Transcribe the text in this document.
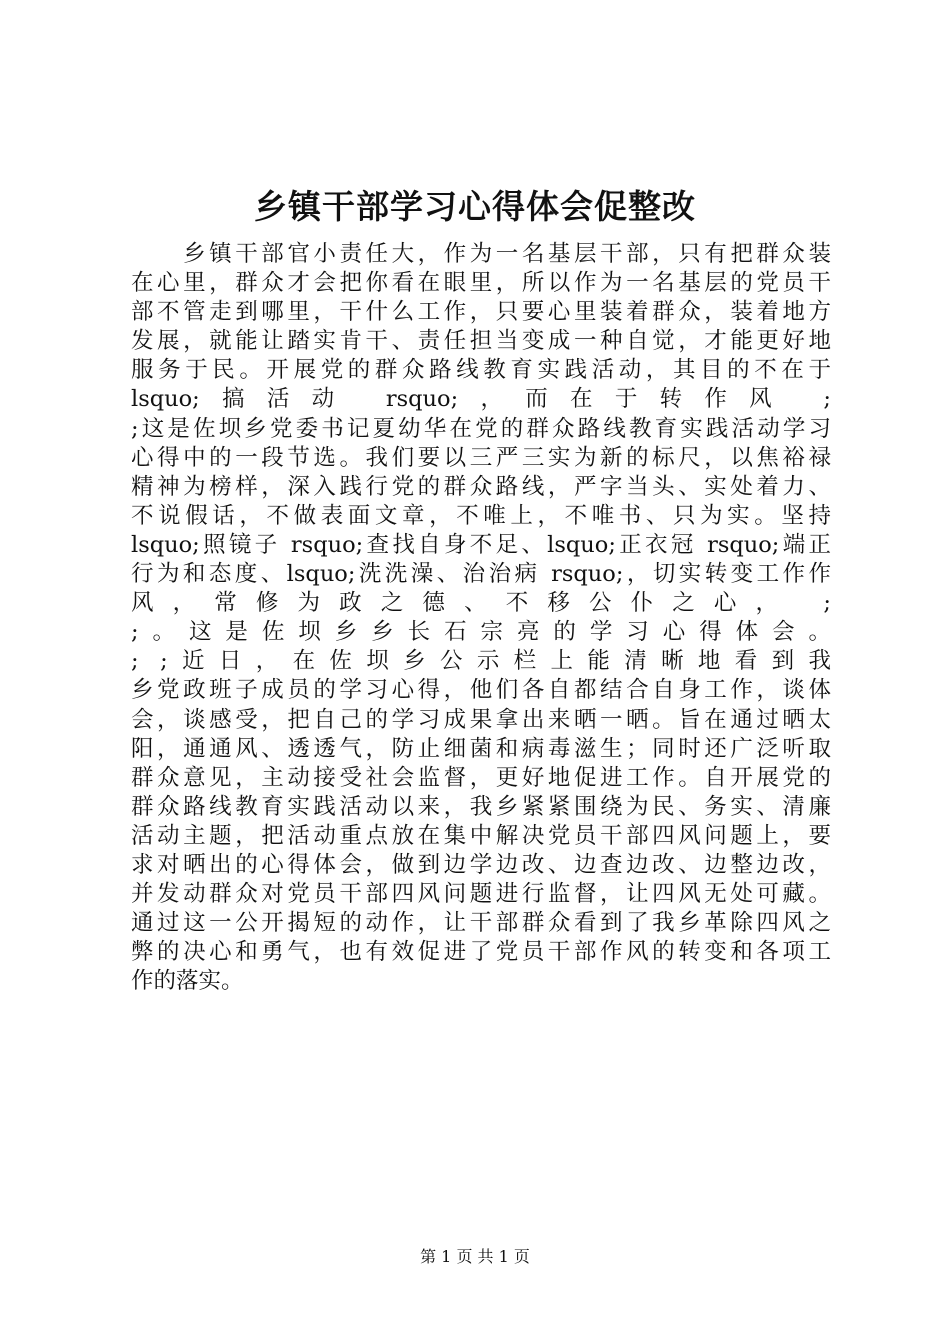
乡镇干部学习心得体会促整改
　　乡镇干部官小责任大，作为一名基层干部，只有把群众装
在心里，群众才会把你看在眼里，所以作为一名基层的党员干
部不管走到哪里，干什么工作，只要心里装着群众，装着地方
发展，就能让踏实肯干、责任担当变成一种自觉，才能更好地
服务于民。开展党的群众路线教育实践活动，其目的不在于
lsquo;搞活动 rsquo;，而在于转作风 ;
;这是佐坝乡党委书记夏幼华在党的群众路线教育实践活动学习
心得中的一段节选。我们要以三严三实为新的标尺，以焦裕禄
精神为榜样，深入践行党的群众路线，严字当头、实处着力、
不说假话，不做表面文章，不唯上，不唯书、只为实。坚持
lsquo;照镜子 rsquo;查找自身不足、lsquo;正衣冠 rsquo;端正
行为和态度、lsquo;洗洗澡、治治病 rsquo;，切实转变工作作
风，常修为政之德、不移公仆之心， ;
;。这是佐坝乡乡长石宗亮的学习心得体会。
; ;近日，在佐坝乡公示栏上能清晰地看到我
乡党政班子成员的学习心得，他们各自都结合自身工作，谈体
会，谈感受，把自己的学习成果拿出来晒一晒。旨在通过晒太
阳，通通风、透透气，防止细菌和病毒滋生；同时还广泛听取
群众意见，主动接受社会监督，更好地促进工作。自开展党的
群众路线教育实践活动以来，我乡紧紧围绕为民、务实、清廉
活动主题，把活动重点放在集中解决党员干部四风问题上，要
求对晒出的心得体会，做到边学边改、边查边改、边整边改，
并发动群众对党员干部四风问题进行监督，让四风无处可藏。
通过这一公开揭短的动作，让干部群众看到了我乡革除四风之
弊的决心和勇气，也有效促进了党员干部作风的转变和各项工
作的落实。
第 1 页 共 1 页
